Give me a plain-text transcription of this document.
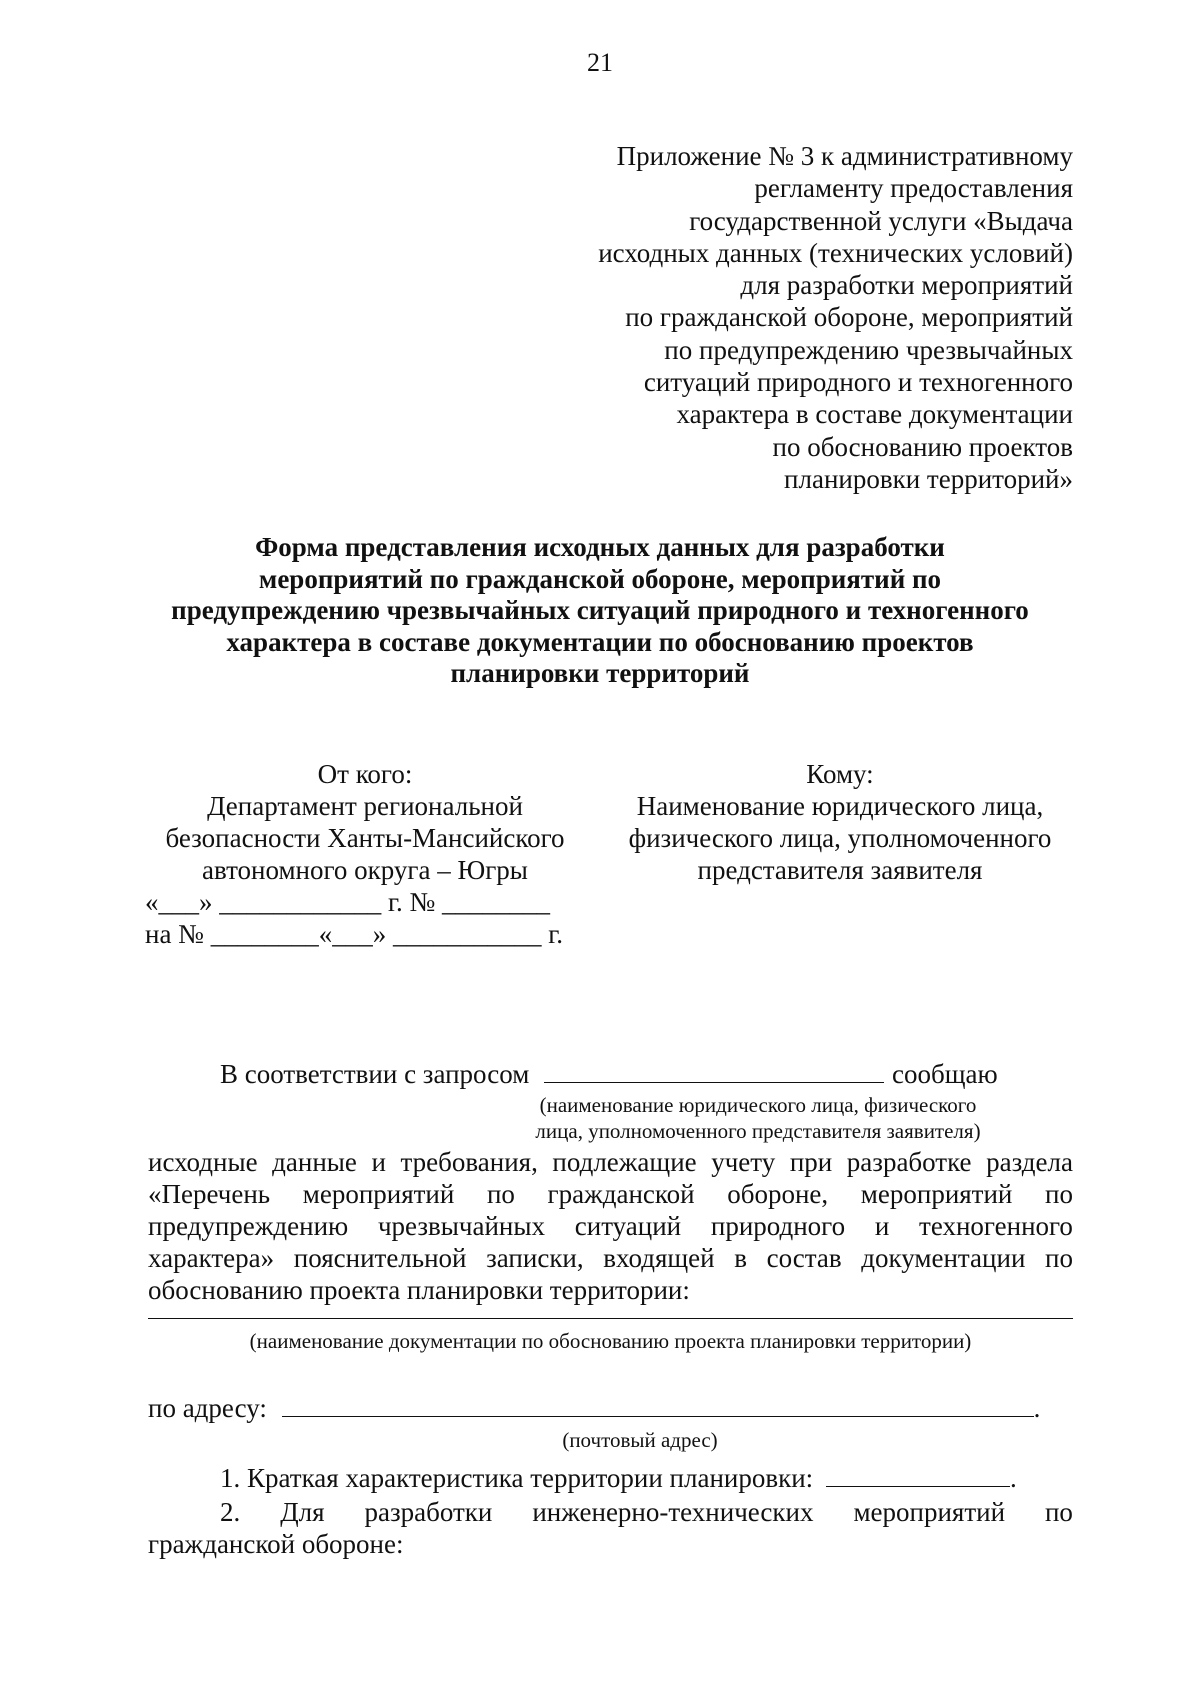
21
Приложение № 3 к административному
регламенту предоставления
государственной услуги «Выдача
исходных данных (технических условий)
для разработки мероприятий
по гражданской обороне, мероприятий
по предупреждению чрезвычайных
ситуаций природного и техногенного
характера в составе документации
по обоснованию проектов
планировки территорий»
Форма представления исходных данных для разработки
мероприятий по гражданской обороне, мероприятий по
предупреждению чрезвычайных ситуаций природного и техногенного
характера в составе документации по обоснованию проектов
планировки территорий
От кого:
Департамент региональной
безопасности Ханты-Мансийского
автономного округа – Югры
«___» ____________ г. № ________
на № ________«___» ___________ г.
Кому:
Наименование юридического лица,
физического лица, уполномоченного
представителя заявителя
В соответствии с запросом	сообщаю
(наименование юридического лица, физического
лица, уполномоченного представителя заявителя)
исходные данные и требования, подлежащие учету при разработке раздела
«Перечень мероприятий по гражданской обороне, мероприятий по
предупреждению чрезвычайных ситуаций природного и техногенного
характера» пояснительной записки, входящей в состав документации по
обоснованию проекта планировки территории:
(наименование документации по обоснованию проекта планировки территории)
по адресу:	.
(почтовый адрес)
1. Краткая характеристика территории планировки:	.
2. Для разработки инженерно-технических мероприятий по
гражданской обороне:
